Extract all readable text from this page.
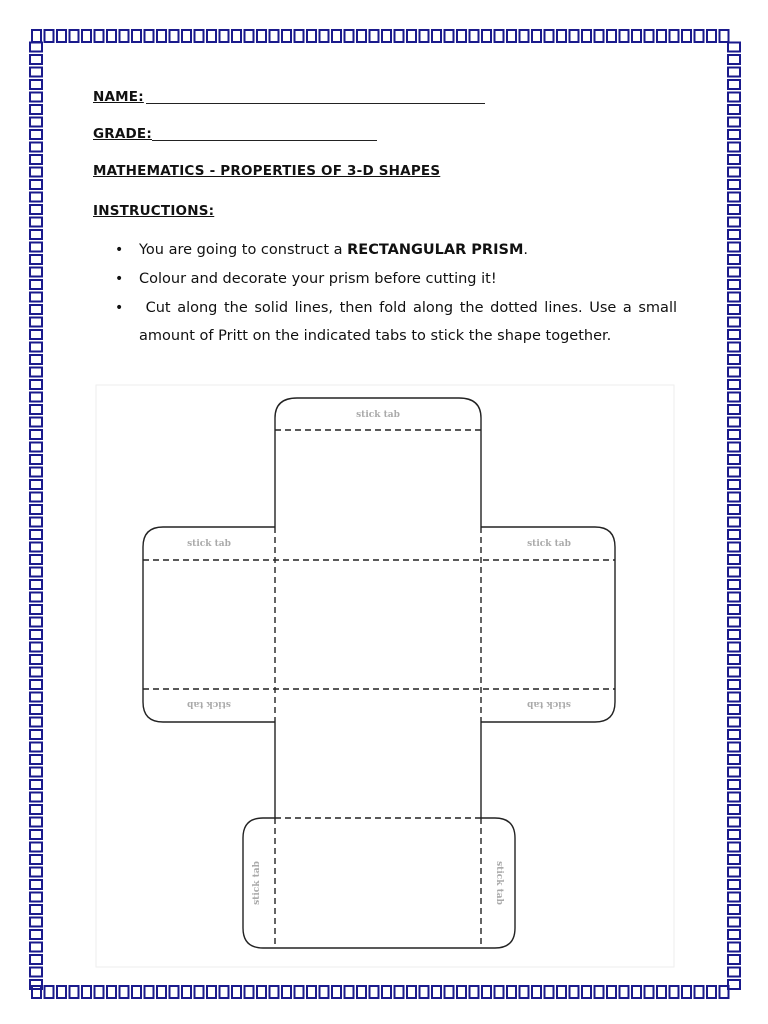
NAME:
GRADE:
MATHEMATICS - PROPERTIES OF 3-D SHAPES
INSTRUCTIONS:
• You are going to construct a RECTANGULAR PRISM.
• Colour and decorate your prism before cutting it!
•  Cut along the solid lines, then fold along the dotted lines. Use a small amount of Pritt on the indicated tabs to stick the shape together.
stick tab
stick tab	stick tab
stick tab	stick tab
stick tab	stick tab
